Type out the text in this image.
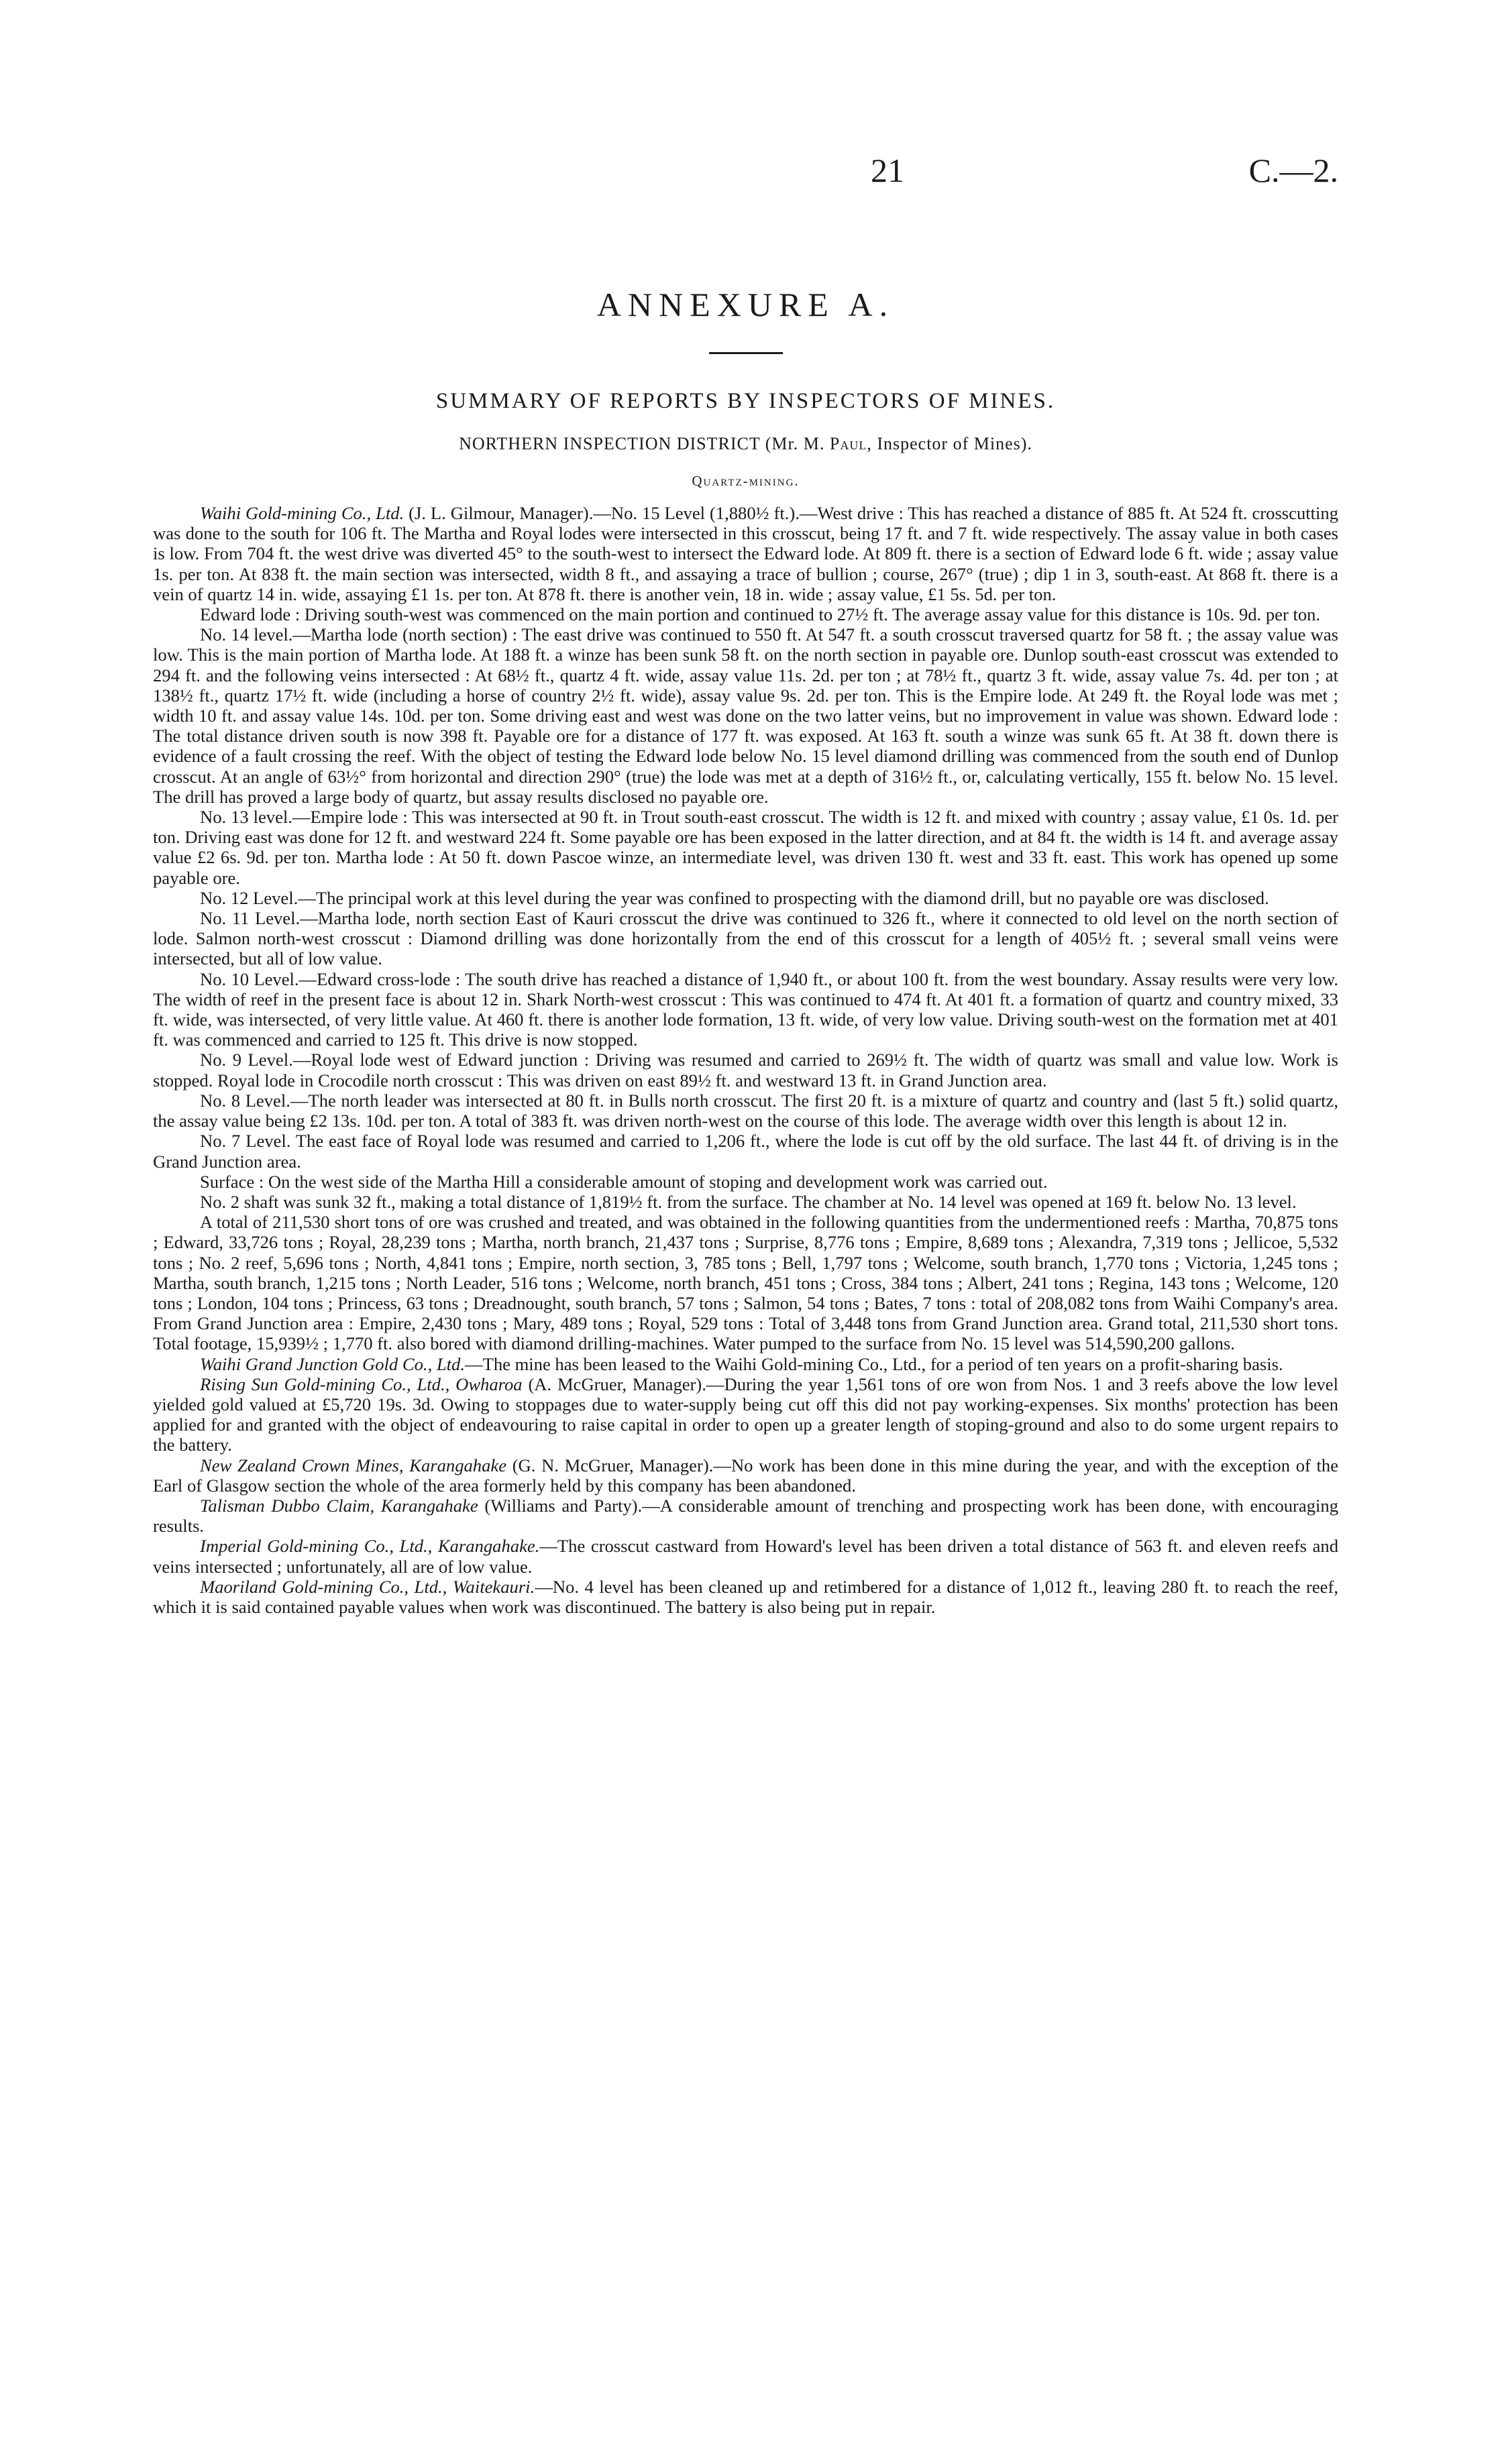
21	C.—2.
ANNEXURE A.
SUMMARY OF REPORTS BY INSPECTORS OF MINES.
NORTHERN INSPECTION DISTRICT (Mr. M. Paul, Inspector of Mines).
Quartz-mining.

Waihi Gold-mining Co., Ltd. (J. L. Gilmour, Manager).—No. 15 Level (1,880½ ft.).—West drive : This has reached a distance of 885 ft. At 524 ft. crosscutting was done to the south for 106 ft. The Martha and Royal lodes were intersected in this crosscut, being 17 ft. and 7 ft. wide respectively. The assay value in both cases is low. From 704 ft. the west drive was diverted 45° to the south-west to intersect the Edward lode. At 809 ft. there is a section of Edward lode 6 ft. wide ; assay value 1s. per ton. At 838 ft. the main section was intersected, width 8 ft., and assaying a trace of bullion ; course, 267° (true) ; dip 1 in 3, south-east. At 868 ft. there is a vein of quartz 14 in. wide, assaying £1 1s. per ton. At 878 ft. there is another vein, 18 in. wide ; assay value, £1 5s. 5d. per ton.

Edward lode : Driving south-west was commenced on the main portion and continued to 27½ ft. The average assay value for this distance is 10s. 9d. per ton.

No. 14 level.—Martha lode (north section) : The east drive was continued to 550 ft. At 547 ft. a south crosscut traversed quartz for 58 ft. ; the assay value was low. This is the main portion of Martha lode. At 188 ft. a winze has been sunk 58 ft. on the north section in payable ore. Dunlop south-east crosscut was extended to 294 ft. and the following veins intersected : At 68½ ft., quartz 4 ft. wide, assay value 11s. 2d. per ton ; at 78½ ft., quartz 3 ft. wide, assay value 7s. 4d. per ton ; at 138½ ft., quartz 17½ ft. wide (including a horse of country 2½ ft. wide), assay value 9s. 2d. per ton. This is the Empire lode. At 249 ft. the Royal lode was met ; width 10 ft. and assay value 14s. 10d. per ton. Some driving east and west was done on the two latter veins, but no improvement in value was shown. Edward lode : The total distance driven south is now 398 ft. Payable ore for a distance of 177 ft. was exposed. At 163 ft. south a winze was sunk 65 ft. At 38 ft. down there is evidence of a fault crossing the reef. With the object of testing the Edward lode below No. 15 level diamond drilling was commenced from the south end of Dunlop crosscut. At an angle of 63½° from horizontal and direction 290° (true) the lode was met at a depth of 316½ ft., or, calculating vertically, 155 ft. below No. 15 level. The drill has proved a large body of quartz, but assay results disclosed no payable ore.

No. 13 level.—Empire lode : This was intersected at 90 ft. in Trout south-east crosscut. The width is 12 ft. and mixed with country ; assay value, £1 0s. 1d. per ton. Driving east was done for 12 ft. and westward 224 ft. Some payable ore has been exposed in the latter direction, and at 84 ft. the width is 14 ft. and average assay value £2 6s. 9d. per ton. Martha lode : At 50 ft. down Pascoe winze, an intermediate level, was driven 130 ft. west and 33 ft. east. This work has opened up some payable ore.

No. 12 Level.—The principal work at this level during the year was confined to prospecting with the diamond drill, but no payable ore was disclosed.

No. 11 Level.—Martha lode, north section East of Kauri crosscut the drive was continued to 326 ft., where it connected to old level on the north section of lode. Salmon north-west crosscut : Diamond drilling was done horizontally from the end of this crosscut for a length of 405½ ft. ; several small veins were intersected, but all of low value.

No. 10 Level.—Edward cross-lode : The south drive has reached a distance of 1,940 ft., or about 100 ft. from the west boundary. Assay results were very low. The width of reef in the present face is about 12 in. Shark North-west crosscut : This was continued to 474 ft. At 401 ft. a formation of quartz and country mixed, 33 ft. wide, was intersected, of very little value. At 460 ft. there is another lode formation, 13 ft. wide, of very low value. Driving south-west on the formation met at 401 ft. was commenced and carried to 125 ft. This drive is now stopped.

No. 9 Level.—Royal lode west of Edward junction : Driving was resumed and carried to 269½ ft. The width of quartz was small and value low. Work is stopped. Royal lode in Crocodile north crosscut : This was driven on east 89½ ft. and westward 13 ft. in Grand Junction area.

No. 8 Level.—The north leader was intersected at 80 ft. in Bulls north crosscut. The first 20 ft. is a mixture of quartz and country and (last 5 ft.) solid quartz, the assay value being £2 13s. 10d. per ton. A total of 383 ft. was driven north-west on the course of this lode. The average width over this length is about 12 in.

No. 7 Level. The east face of Royal lode was resumed and carried to 1,206 ft., where the lode is cut off by the old surface. The last 44 ft. of driving is in the Grand Junction area.

Surface : On the west side of the Martha Hill a considerable amount of stoping and development work was carried out.

No. 2 shaft was sunk 32 ft., making a total distance of 1,819½ ft. from the surface. The chamber at No. 14 level was opened at 169 ft. below No. 13 level.

A total of 211,530 short tons of ore was crushed and treated, and was obtained in the following quantities from the undermentioned reefs : Martha, 70,875 tons ; Edward, 33,726 tons ; Royal, 28,239 tons ; Martha, north branch, 21,437 tons ; Surprise, 8,776 tons ; Empire, 8,689 tons ; Alexandra, 7,319 tons ; Jellicoe, 5,532 tons ; No. 2 reef, 5,696 tons ; North, 4,841 tons ; Empire, north section, 3, 785 tons ; Bell, 1,797 tons ; Welcome, south branch, 1,770 tons ; Victoria, 1,245 tons ; Martha, south branch, 1,215 tons ; North Leader, 516 tons ; Welcome, north branch, 451 tons ; Cross, 384 tons ; Albert, 241 tons ; Regina, 143 tons ; Welcome, 120 tons ; London, 104 tons ; Princess, 63 tons ; Dreadnought, south branch, 57 tons ; Salmon, 54 tons ; Bates, 7 tons : total of 208,082 tons from Waihi Company's area. From Grand Junction area : Empire, 2,430 tons ; Mary, 489 tons ; Royal, 529 tons : Total of 3,448 tons from Grand Junction area. Grand total, 211,530 short tons. Total footage, 15,939½ ; 1,770 ft. also bored with diamond drilling-machines. Water pumped to the surface from No. 15 level was 514,590,200 gallons.

Waihi Grand Junction Gold Co., Ltd.—The mine has been leased to the Waihi Gold-mining Co., Ltd., for a period of ten years on a profit-sharing basis.

Rising Sun Gold-mining Co., Ltd., Owharoa (A. McGruer, Manager).—During the year 1,561 tons of ore won from Nos. 1 and 3 reefs above the low level yielded gold valued at £5,720 19s. 3d. Owing to stoppages due to water-supply being cut off this did not pay working-expenses. Six months' protection has been applied for and granted with the object of endeavouring to raise capital in order to open up a greater length of stoping-ground and also to do some urgent repairs to the battery.

New Zealand Crown Mines, Karangahake (G. N. McGruer, Manager).—No work has been done in this mine during the year, and with the exception of the Earl of Glasgow section the whole of the area formerly held by this company has been abandoned.

Talisman Dubbo Claim, Karangahake (Williams and Party).—A considerable amount of trenching and prospecting work has been done, with encouraging results.

Imperial Gold-mining Co., Ltd., Karangahake.—The crosscut castward from Howard's level has been driven a total distance of 563 ft. and eleven reefs and veins intersected ; unfortunately, all are of low value.

Maoriland Gold-mining Co., Ltd., Waitekauri.—No. 4 level has been cleaned up and retimbered for a distance of 1,012 ft., leaving 280 ft. to reach the reef, which it is said contained payable values when work was discontinued. The battery is also being put in repair.
